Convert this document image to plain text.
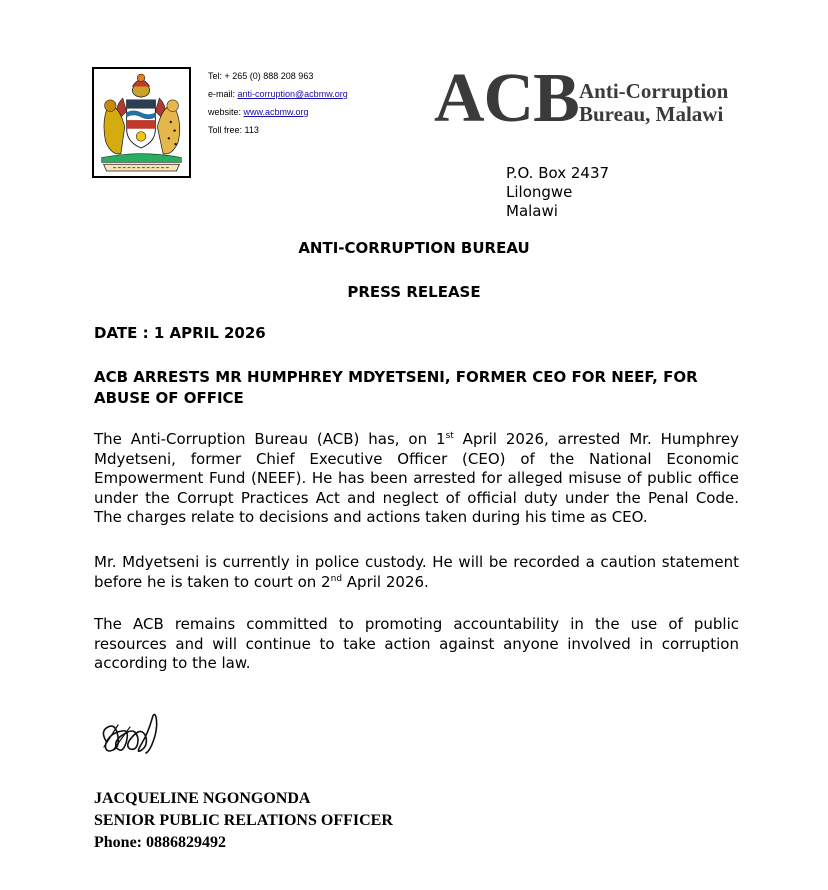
Tel: + 265 (0) 888 208 963
e-mail: anti-corruption@acbmw.org
website: www.acbmw.org
Toll free: 113	ACB Anti-Corruption
Bureau, Malawi
P.O. Box 2437
Lilongwe
Malawi
ANTI-CORRUPTION BUREAU
PRESS RELEASE
DATE : 1 APRIL 2026
ACB ARRESTS MR HUMPHREY MDYETSENI, FORMER CEO FOR NEEF, FOR
ABUSE OF OFFICE
The Anti-Corruption Bureau (ACB) has, on 1st April 2026, arrested Mr. Humphrey Mdyetseni, former Chief Executive Officer (CEO) of the National Economic Empowerment Fund (NEEF). He has been arrested for alleged misuse of public office under the Corrupt Practices Act and neglect of official duty under the Penal Code. The charges relate to decisions and actions taken during his time as CEO.
Mr. Mdyetseni is currently in police custody. He will be recorded a caution statement before he is taken to court on 2nd April 2026.
The ACB remains committed to promoting accountability in the use of public resources and will continue to take action against anyone involved in corruption according to the law.
JACQUELINE NGONGONDA
SENIOR PUBLIC RELATIONS OFFICER
Phone: 0886829492
